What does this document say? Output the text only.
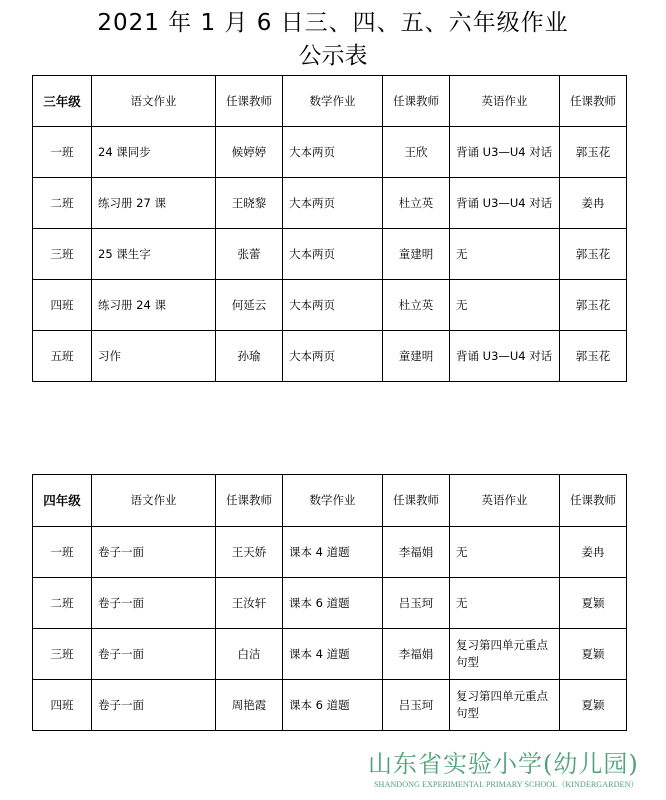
2021 年 1 月 6 日三、四、五、六年级作业
公示表
三年级	语文作业	任课教师	数学作业	任课教师	英语作业	任课教师
一班	24 课同步	候婷婷	大本两页	王欣	背诵 U3—U4 对话	郭玉花
二班	练习册 27 课	王晓黎	大本两页	杜立英	背诵 U3—U4 对话	姜冉
三班	25 课生字	张蕾	大本两页	童建明	无	郭玉花
四班	练习册 24 课	何延云	大本两页	杜立英	无	郭玉花
五班	习作	孙瑜	大本两页	童建明	背诵 U3—U4 对话	郭玉花
四年级	语文作业	任课教师	数学作业	任课教师	英语作业	任课教师
一班	卷子一面	王天娇	课本 4 道题	李福娟	无	姜冉
二班	卷子一面	王汝轩	课本 6 道题	吕玉珂	无	夏颖
三班	卷子一面	白洁	课本 4 道题	李福娟	复习第四单元重点句型	夏颖
四班	卷子一面	周艳霞	课本 6 道题	吕玉珂	复习第四单元重点句型	夏颖
山东省实验小学(幼儿园)
SHANDONG EXPERIMENTAL PRIMARY SCHOOL（KINDERGARDEN）
